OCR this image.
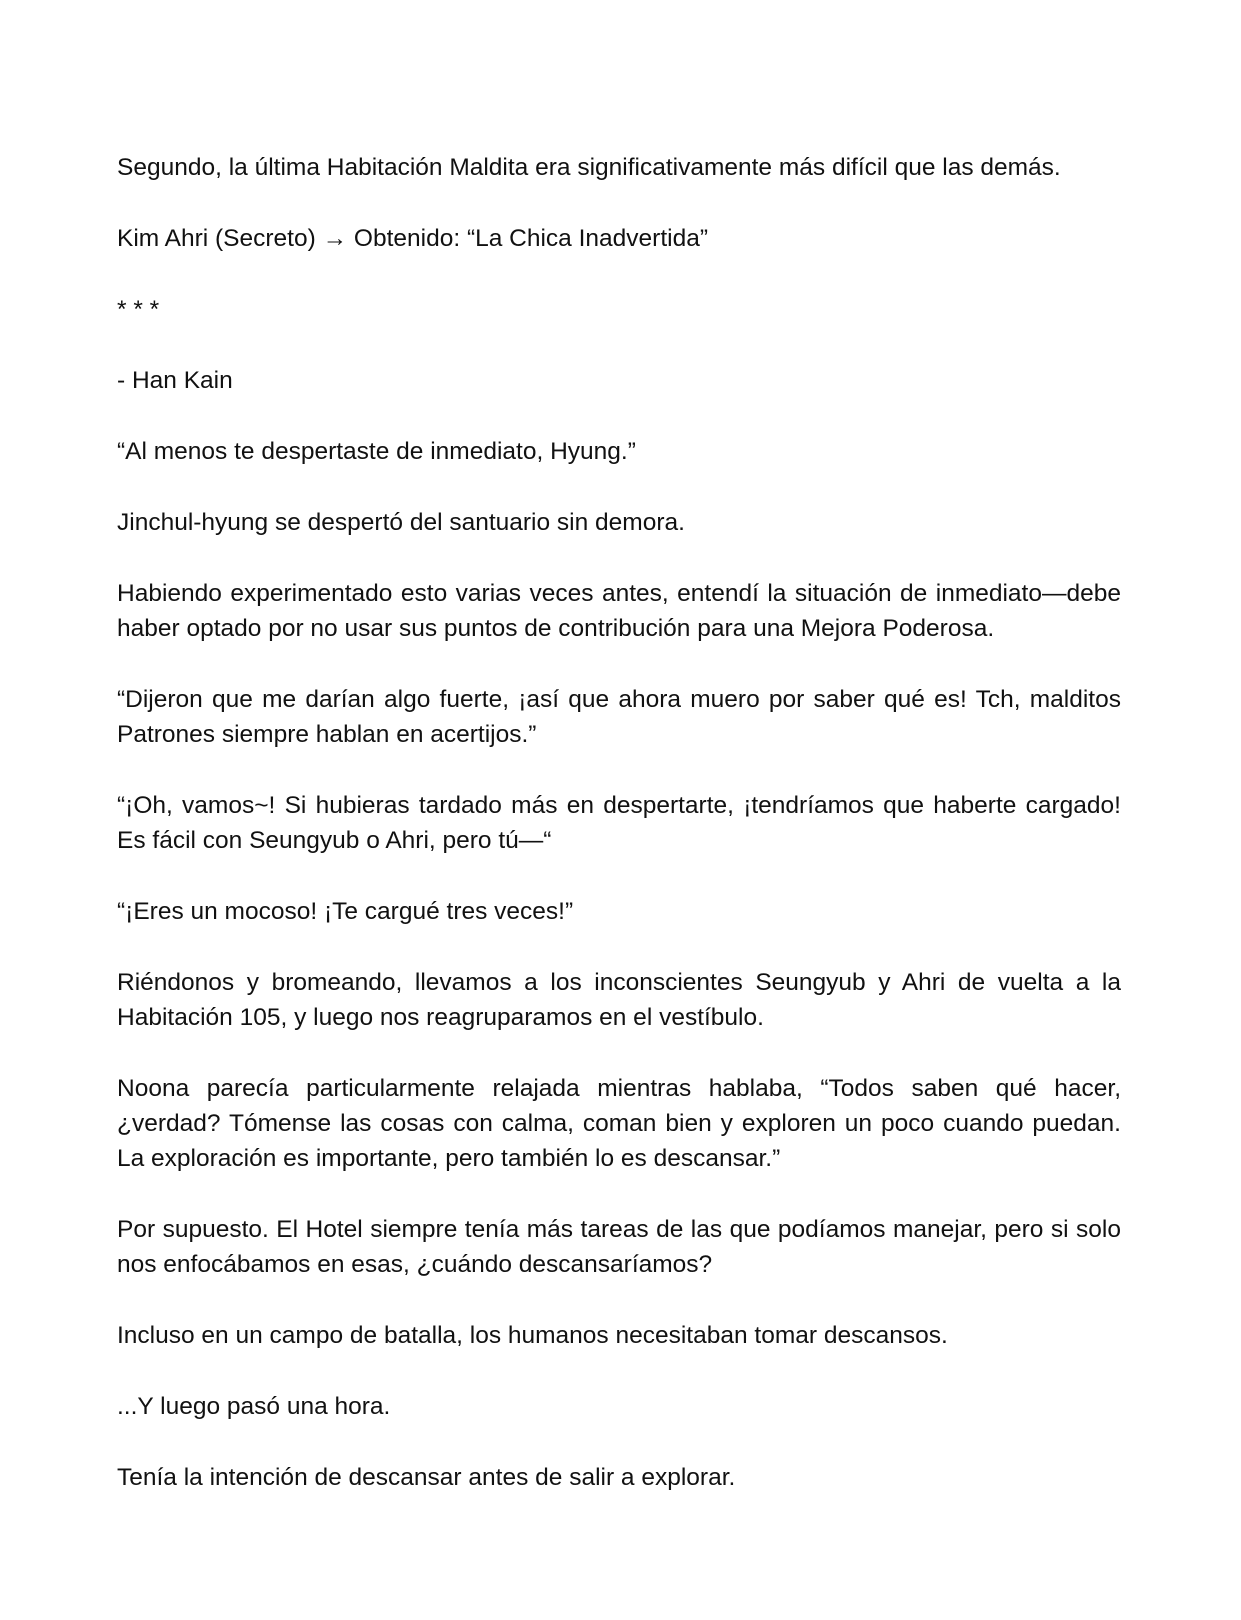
Segundo, la última Habitación Maldita era significativamente más difícil que las demás.

Kim Ahri (Secreto) → Obtenido: “La Chica Inadvertida”

* * *

- Han Kain

“Al menos te despertaste de inmediato, Hyung.”

Jinchul-hyung se despertó del santuario sin demora.

Habiendo experimentado esto varias veces antes, entendí la situación de inmediato—debe haber optado por no usar sus puntos de contribución para una Mejora Poderosa.

“Dijeron que me darían algo fuerte, ¡así que ahora muero por saber qué es! Tch, malditos Patrones siempre hablan en acertijos.”

“¡Oh, vamos~! Si hubieras tardado más en despertarte, ¡tendríamos que haberte cargado! Es fácil con Seungyub o Ahri, pero tú—“

“¡Eres un mocoso! ¡Te cargué tres veces!”

Riéndonos y bromeando, llevamos a los inconscientes Seungyub y Ahri de vuelta a la Habitación 105, y luego nos reagruparamos en el vestíbulo.

Noona parecía particularmente relajada mientras hablaba, “Todos saben qué hacer, ¿verdad? Tómense las cosas con calma, coman bien y exploren un poco cuando puedan. La exploración es importante, pero también lo es descansar.”

Por supuesto. El Hotel siempre tenía más tareas de las que podíamos manejar, pero si solo nos enfocábamos en esas, ¿cuándo descansaríamos?

Incluso en un campo de batalla, los humanos necesitaban tomar descansos.

...Y luego pasó una hora.

Tenía la intención de descansar antes de salir a explorar.
